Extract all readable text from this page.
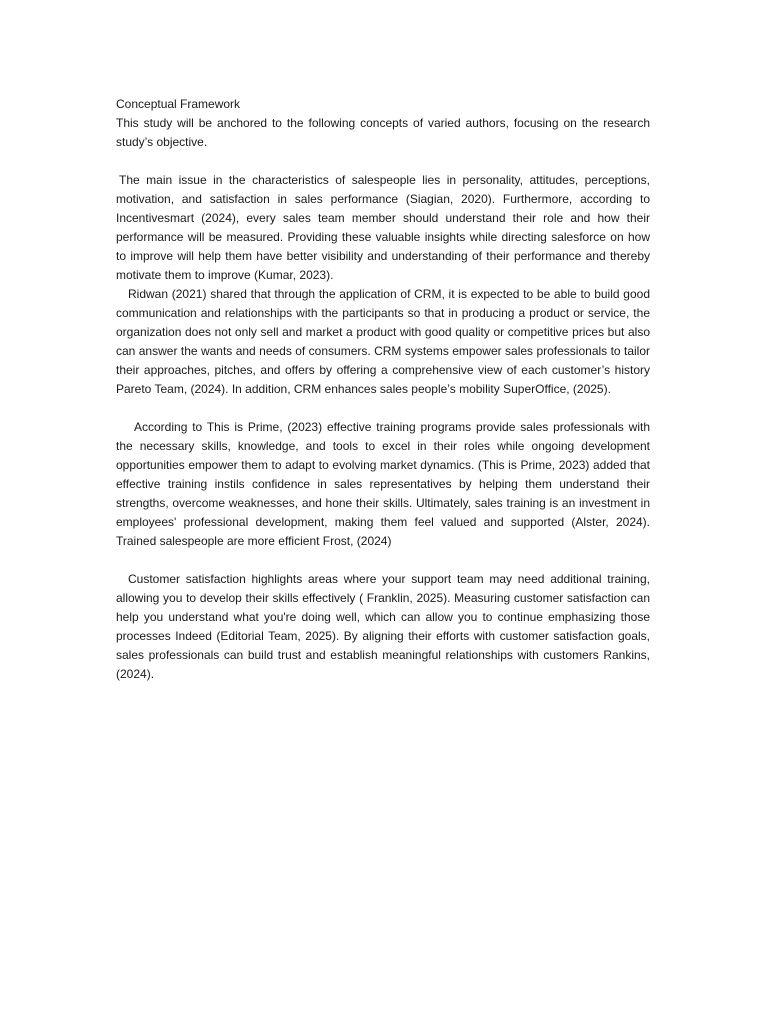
Conceptual Framework

This study will be anchored to the following concepts of varied authors, focusing on the research study’s objective.

The main issue in the characteristics of salespeople lies in personality, attitudes, perceptions, motivation, and satisfaction in sales performance (Siagian, 2020). Furthermore, according to Incentivesmart (2024), every sales team member should understand their role and how their performance will be measured. Providing these valuable insights while directing salesforce on how to improve will help them have better visibility and understanding of their performance and thereby motivate them to improve (Kumar, 2023).

Ridwan (2021) shared that through the application of CRM, it is expected to be able to build good communication and relationships with the participants so that in producing a product or service, the organization does not only sell and market a product with good quality or competitive prices but also can answer the wants and needs of consumers. CRM systems empower sales professionals to tailor their approaches, pitches, and offers by offering a comprehensive view of each customer’s history Pareto Team, (2024). In addition, CRM enhances sales people’s mobility SuperOffice, (2025).

According to This is Prime, (2023) effective training programs provide sales professionals with the necessary skills, knowledge, and tools to excel in their roles while ongoing development opportunities empower them to adapt to evolving market dynamics. (This is Prime, 2023) added that effective training instils confidence in sales representatives by helping them understand their strengths, overcome weaknesses, and hone their skills. Ultimately, sales training is an investment in employees' professional development, making them feel valued and supported (Alster, 2024). Trained salespeople are more efficient Frost, (2024)

Customer satisfaction highlights areas where your support team may need additional training, allowing you to develop their skills effectively ( Franklin, 2025). Measuring customer satisfaction can help you understand what you're doing well, which can allow you to continue emphasizing those processes Indeed (Editorial Team, 2025). By aligning their efforts with customer satisfaction goals, sales professionals can build trust and establish meaningful relationships with customers Rankins,(2024).
